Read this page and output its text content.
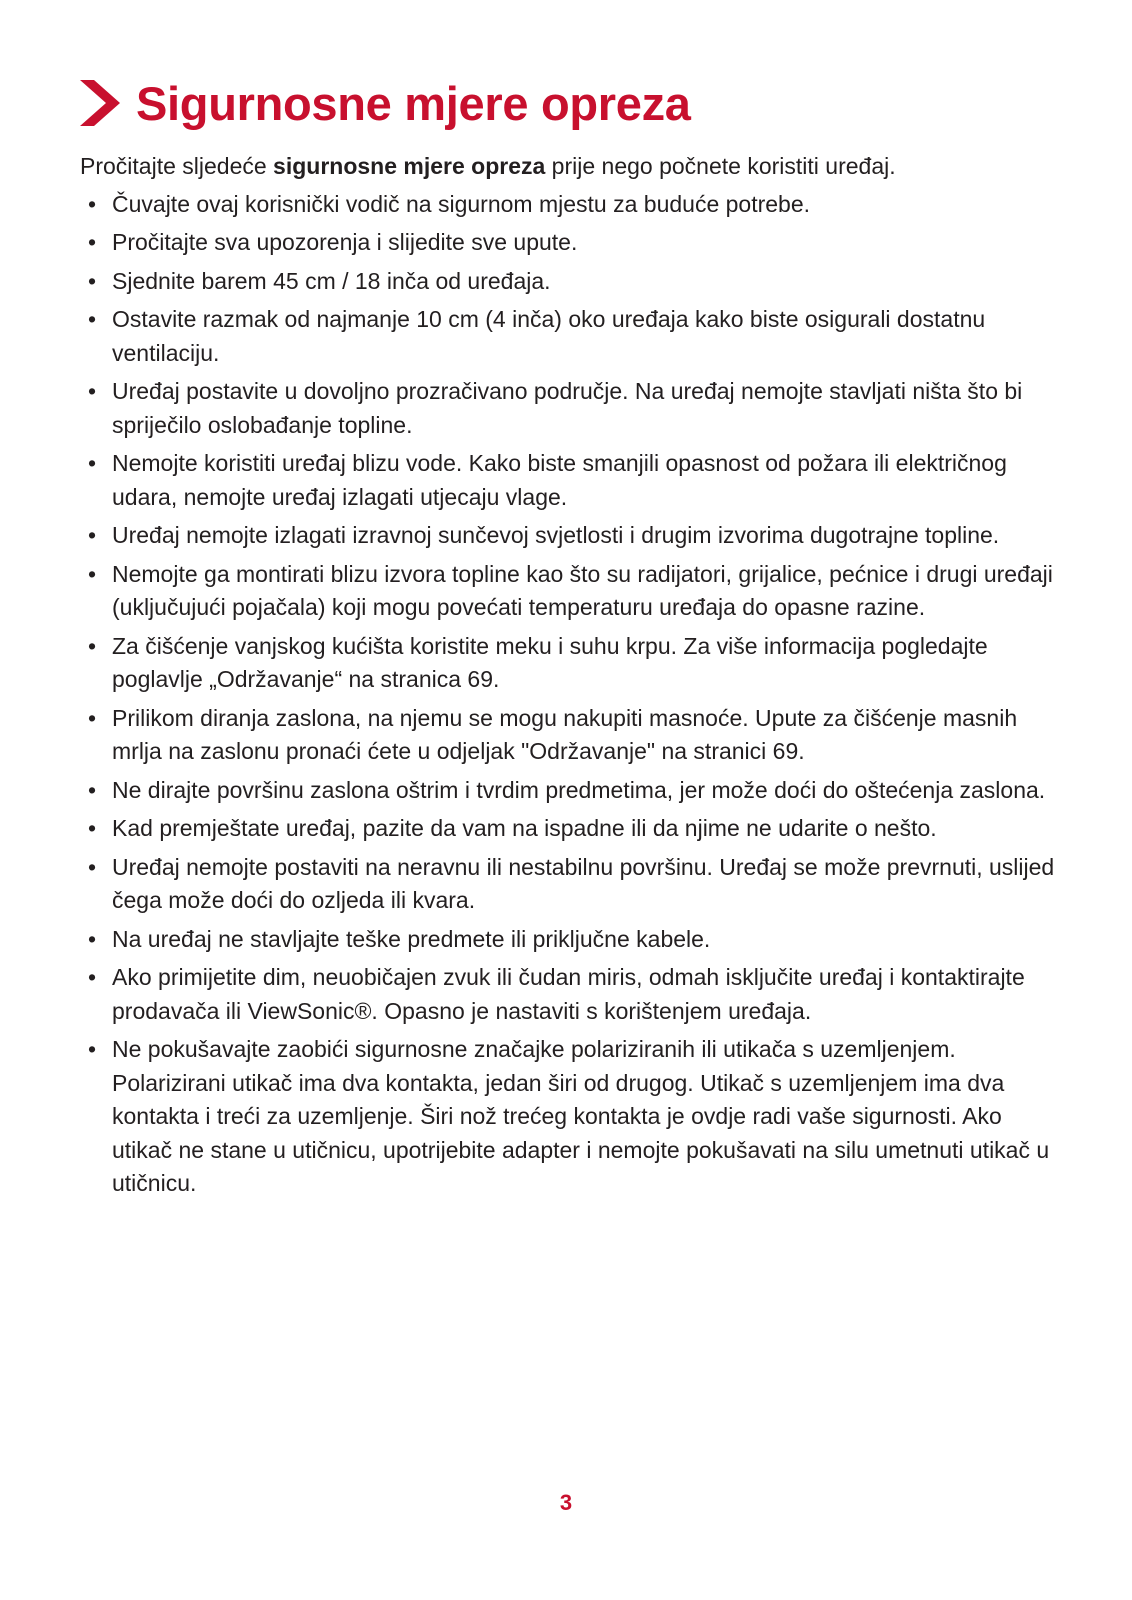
Sigurnosne mjere opreza

Pročitajte sljedeće sigurnosne mjere opreza prije nego počnete koristiti uređaj.

• Čuvajte ovaj korisnički vodič na sigurnom mjestu za buduće potrebe.
• Pročitajte sva upozorenja i slijedite sve upute.
• Sjednite barem 45 cm / 18 inča od uređaja.
• Ostavite razmak od najmanje 10 cm (4 inča) oko uređaja kako biste osigurali dostatnu ventilaciju.
• Uređaj postavite u dovoljno prozračivano područje. Na uređaj nemojte stavljati ništa što bi spriječilo oslobađanje topline.
• Nemojte koristiti uređaj blizu vode. Kako biste smanjili opasnost od požara ili električnog udara, nemojte uređaj izlagati utjecaju vlage.
• Uređaj nemojte izlagati izravnoj sunčevoj svjetlosti i drugim izvorima dugotrajne topline.
• Nemojte ga montirati blizu izvora topline kao što su radijatori, grijalice, pećnice i drugi uređaji (uključujući pojačala) koji mogu povećati temperaturu uređaja do opasne razine.
• Za čišćenje vanjskog kućišta koristite meku i suhu krpu. Za više informacija pogledajte poglavlje „Održavanje“ na stranica 69.
• Prilikom diranja zaslona, na njemu se mogu nakupiti masnoće. Upute za čišćenje masnih mrlja na zaslonu pronaći ćete u odjeljak "Održavanje" na stranici 69.
• Ne dirajte površinu zaslona oštrim i tvrdim predmetima, jer može doći do oštećenja zaslona.
• Kad premještate uređaj, pazite da vam na ispadne ili da njime ne udarite o nešto.
• Uređaj nemojte postaviti na neravnu ili nestabilnu površinu. Uređaj se može prevrnuti, uslijed čega može doći do ozljeda ili kvara.
• Na uređaj ne stavljajte teške predmete ili priključne kabele.
• Ako primijetite dim, neuobičajen zvuk ili čudan miris, odmah isključite uređaj i kontaktirajte prodavača ili ViewSonic®. Opasno je nastaviti s korištenjem uređaja.
• Ne pokušavajte zaobići sigurnosne značajke polariziranih ili utikača s uzemljenjem. Polarizirani utikač ima dva kontakta, jedan širi od drugog. Utikač s uzemljenjem ima dva kontakta i treći za uzemljenje. Širi nož trećeg kontakta je ovdje radi vaše sigurnosti. Ako utikač ne stane u utičnicu, upotrijebite adapter i nemojte pokušavati na silu umetnuti utikač u utičnicu.
3
